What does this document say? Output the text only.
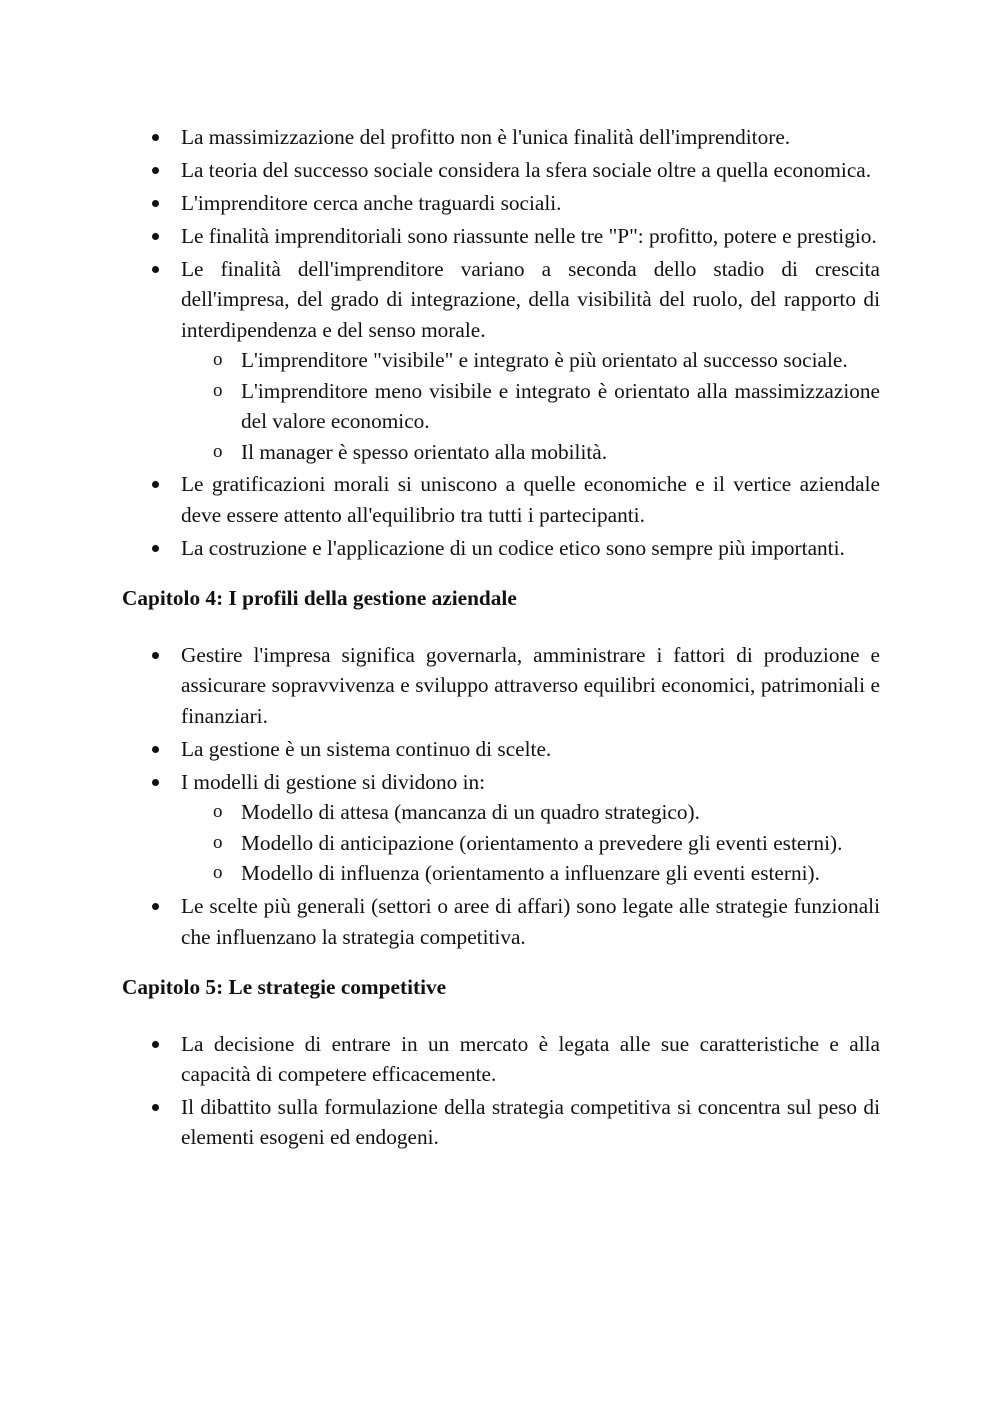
La massimizzazione del profitto non è l'unica finalità dell'imprenditore.
La teoria del successo sociale considera la sfera sociale oltre a quella economica.
L'imprenditore cerca anche traguardi sociali.
Le finalità imprenditoriali sono riassunte nelle tre "P": profitto, potere e prestigio.
Le finalità dell'imprenditore variano a seconda dello stadio di crescita dell'impresa, del grado di integrazione, della visibilità del ruolo, del rapporto di interdipendenza e del senso morale.
o L'imprenditore "visibile" e integrato è più orientato al successo sociale.
o L'imprenditore meno visibile e integrato è orientato alla massimizzazione del valore economico.
o Il manager è spesso orientato alla mobilità.
Le gratificazioni morali si uniscono a quelle economiche e il vertice aziendale deve essere attento all'equilibrio tra tutti i partecipanti.
La costruzione e l'applicazione di un codice etico sono sempre più importanti.
Capitolo 4: I profili della gestione aziendale
Gestire l'impresa significa governarla, amministrare i fattori di produzione e assicurare sopravvivenza e sviluppo attraverso equilibri economici, patrimoniali e finanziari.
La gestione è un sistema continuo di scelte.
I modelli di gestione si dividono in:
o Modello di attesa (mancanza di un quadro strategico).
o Modello di anticipazione (orientamento a prevedere gli eventi esterni).
o Modello di influenza (orientamento a influenzare gli eventi esterni).
Le scelte più generali (settori o aree di affari) sono legate alle strategie funzionali che influenzano la strategia competitiva.
Capitolo 5: Le strategie competitive
La decisione di entrare in un mercato è legata alle sue caratteristiche e alla capacità di competere efficacemente.
Il dibattito sulla formulazione della strategia competitiva si concentra sul peso di elementi esogeni ed endogeni.
